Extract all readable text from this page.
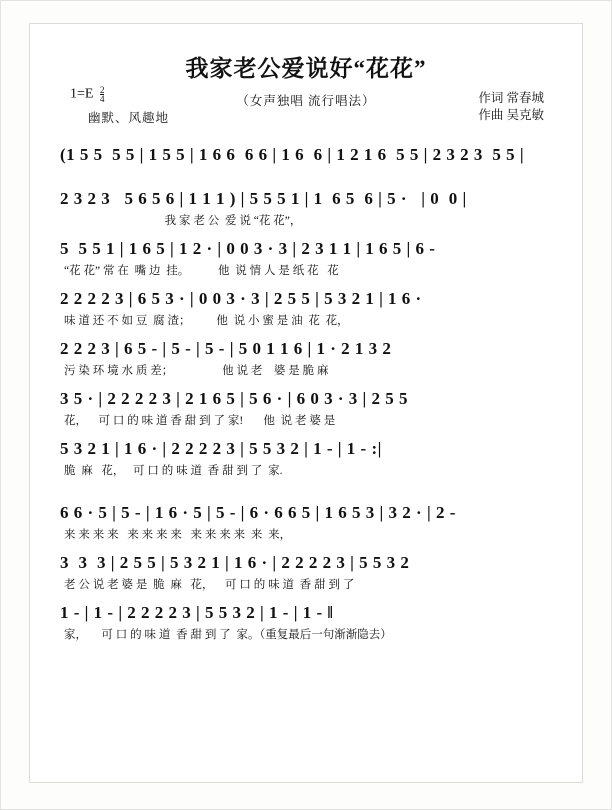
我家老公爱说好“花花”
（女声独唱 流行唱法）
$1=E \frac{2}{4}$
幽默、风趣地
作词 常春城
作曲 吴克敏
(1 5 5  5 5 | 1 5 5 | 1 6 6  6 6 | 1 6  6 | 1 2 1 6  5 5 | 2 3 2 3  5 5 |
2 3 2 3   5 6 5 6 | 1 1 1 ) | 5 5 5 1 | 1  6 5  6 | 5 ·   | 0  0 |
我 家 老 公  爱 说 “花 花”，
5  5 5 1 | 1 6 5 | 1 2 · | 0 0 3 · 3 | 2 3 1 1 | 1 6 5 | 6 -
“花 花” 常 在  嘴 边  挂。          他  说 情 人 是 纸 花   花
2 2 2 2 3 | 6 5 3 · | 0 0 3 · 3 | 2 5 5 | 5 3 2 1 | 1 6 ·
味 道 还 不 如 豆  腐 渣；         他  说 小 蜜 是 油  花  花，
2 2 2 3 | 6 5 - | 5 - | 5 - | 5 0 1 1 6 | 1 · 2 1 3 2
污 染 环 境 水 质 差；                 他 说 老    婆 是 脆 麻
3 5 · | 2 2 2 2 3 | 2 1 6 5 | 5 6 · | 6 0 3 · 3 | 2 5 5
花，    可 口 的 味 道 香 甜 到 了 家!       他  说 老 婆 是
5 3 2 1 | 1 6 · | 2 2 2 2 3 | 5 5 3 2 | 1 - | 1 - :|
脆  麻   花，   可 口 的 味 道  香 甜 到 了  家.
6 6 · 5 | 5 - | 1 6 · 5 | 5 - | 6 · 6 6 5 | 1 6 5 3 | 3 2 · | 2 -
来 来 来 来   来 来 来 来   来 来 来 来  来  来，
3  3  3 | 2 5 5 | 5 3 2 1 | 1 6 · | 2 2 2 2 3 | 5 5 3 2
老 公 说 老 婆 是  脆  麻   花，    可 口 的 味 道  香 甜 到 了
1 - | 1 - | 2 2 2 2 3 | 5 5 3 2 | 1 - | 1 - ‖
家，     可 口 的 味 道  香 甜 到 了  家。（重复最后一句渐渐隐去）
